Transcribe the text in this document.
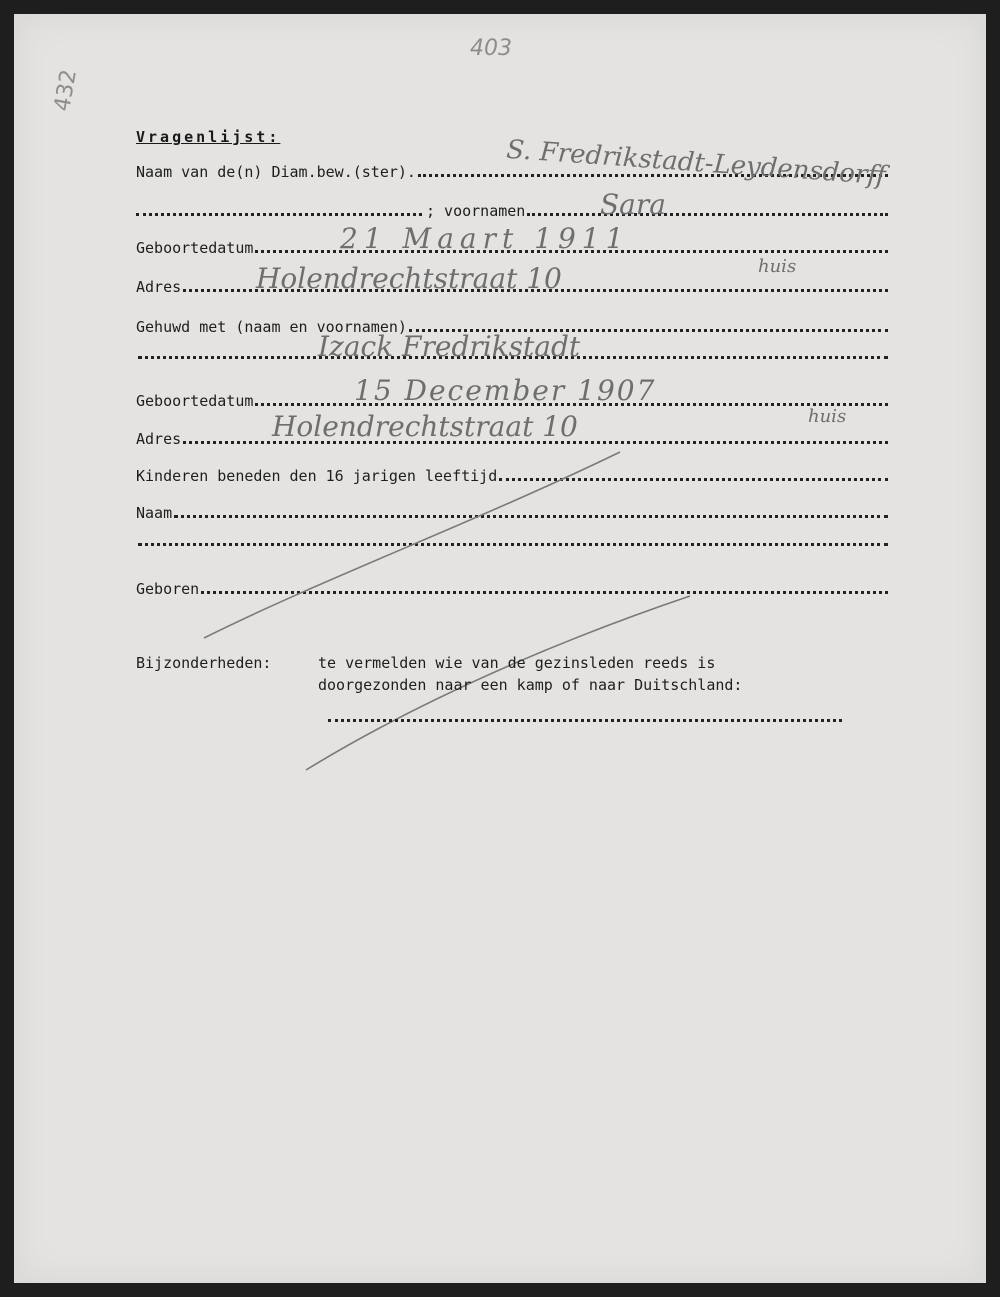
432
403
Vragenlijst:
Naam van de(n) Diam.bew.(ster).	S. Fredrikstadt-Leydensdorff
; voornamen	Sara
Geboortedatum	21 Maart 1911
Adres	Holendrechtstraat 10	huis
Gehuwd met (naam en voornamen)
Izack Fredrikstadt
Geboortedatum	15 December 1907
Adres	Holendrechtstraat 10	huis
Kinderen beneden den 16 jarigen leeftijd
Naam
Geboren
Bijzonderheden:	te vermelden wie van de gezinsleden reeds is
doorgezonden naar een kamp of naar Duitschland:
